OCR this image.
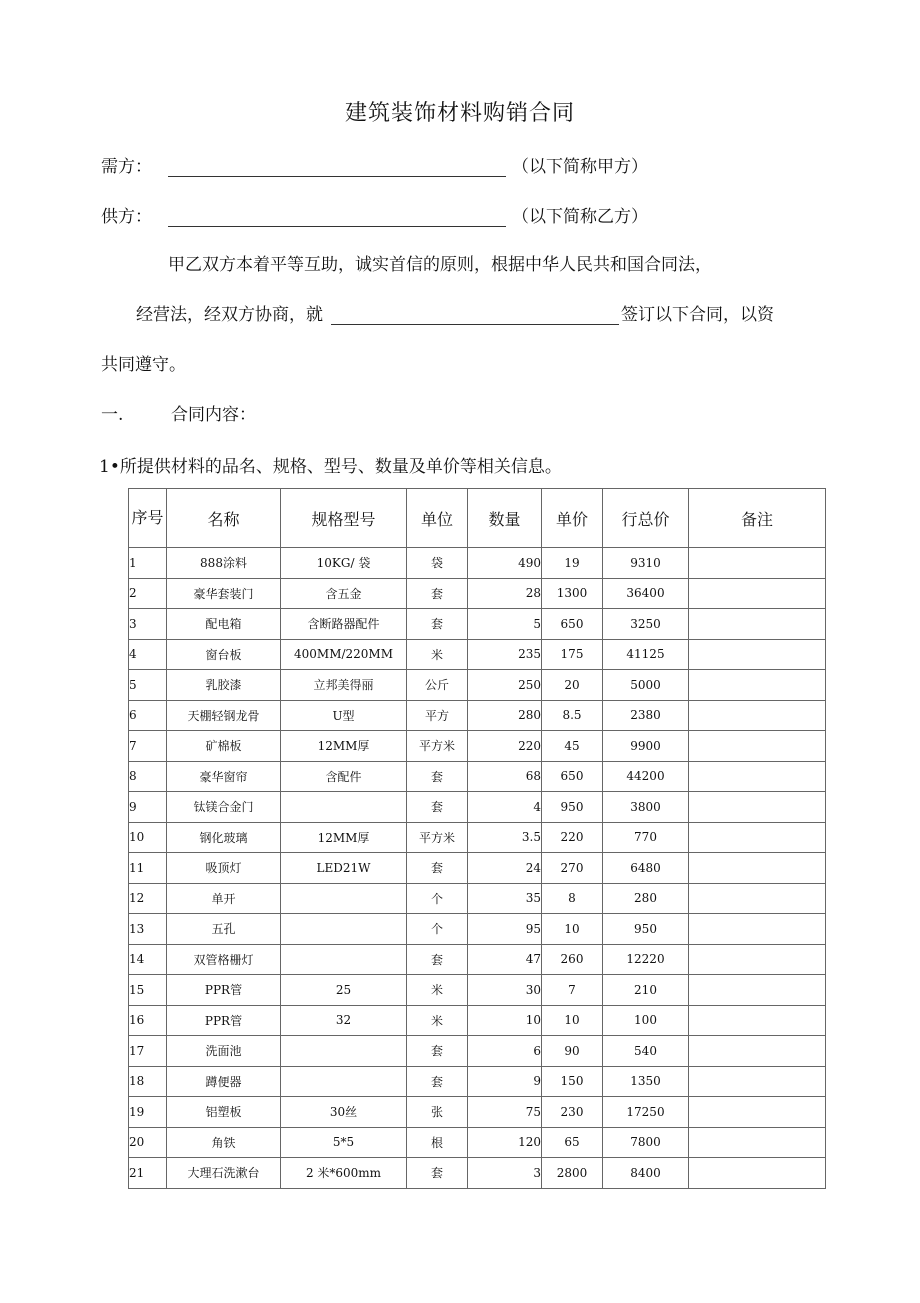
建筑装饰材料购销合同
需方：	（以下简称甲方）
供方：	（以下简称乙方）
甲乙双方本着平等互助，诚实首信的原则，根据中华人民共和国合同法，
经营法，经双方协商，就	签订以下合同，以资
共同遵守。
一.	合同内容：
1•所提供材料的品名、规格、型号、数量及单价等相关信息。
序号	名称	规格型号	单位	数量	单价	行总价	备注
1	888涂料	10KG/ 袋	袋	490	19	9310	
2	豪华套装门	含五金	套	28	1300	36400	
3	配电箱	含断路器配件	套	5	650	3250	
4	窗台板	400MM/220MM	米	235	175	41125	
5	乳胶漆	立邦美得丽	公斤	250	20	5000	
6	天棚轻钢龙骨	U型	平方	280	8.5	2380	
7	矿棉板	12MM厚	平方米	220	45	9900	
8	豪华窗帘	含配件	套	68	650	44200	
9	钛镁合金门		套	4	950	3800	
10	钢化玻璃	12MM厚	平方米	3.5	220	770	
11	吸顶灯	LED21W	套	24	270	6480	
12	单开		个	35	8	280	
13	五孔		个	95	10	950	
14	双管格栅灯		套	47	260	12220	
15	PPR管	25	米	30	7	210	
16	PPR管	32	米	10	10	100	
17	洗面池		套	6	90	540	
18	蹲便器		套	9	150	1350	
19	铝塑板	30丝	张	75	230	17250	
20	角铁	5*5	根	120	65	7800	
21	大理石洗漱台	2 米*600mm	套	3	2800	8400	
